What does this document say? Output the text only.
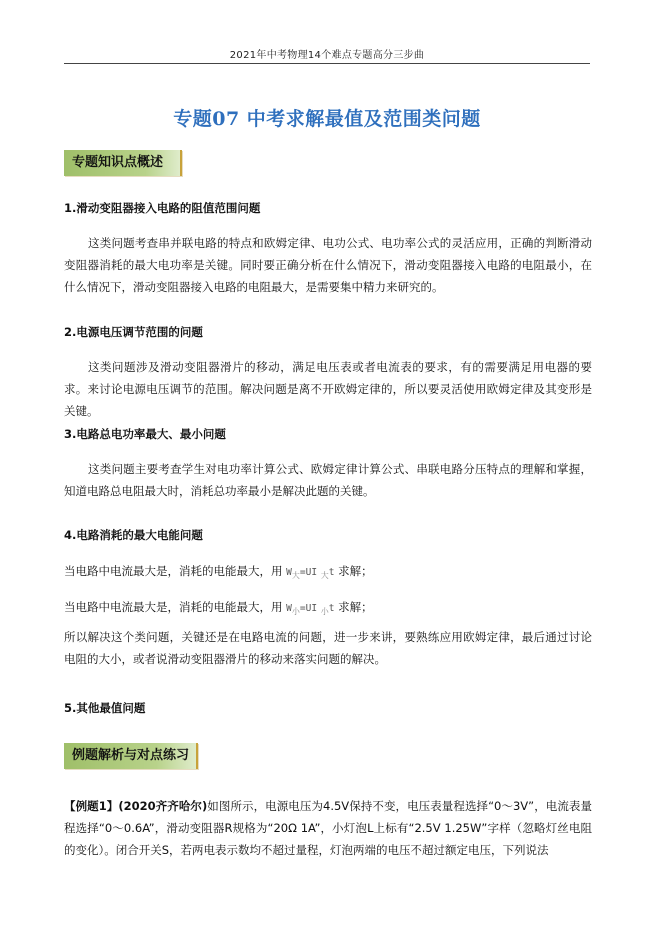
2021年中考物理14个难点专题高分三步曲
专题07 中考求解最值及范围类问题
专题知识点概述
1.滑动变阻器接入电路的阻值范围问题

这类问题考查串并联电路的特点和欧姆定律、电功公式、电功率公式的灵活应用，正确的判断滑动变阻器消耗的最大电功率是关键。同时要正确分析在什么情况下，滑动变阻器接入电路的电阻最小，在什么情况下，滑动变阻器接入电路的电阻最大，是需要集中精力来研究的。

2.电源电压调节范围的问题

这类问题涉及滑动变阻器滑片的移动，满足电压表或者电流表的要求，有的需要满足用电器的要求。来讨论电源电压调节的范围。解决问题是离不开欧姆定律的，所以要灵活使用欧姆定律及其变形是关键。

3.电路总电功率最大、最小问题

这类问题主要考查学生对电功率计算公式、欧姆定律计算公式、串联电路分压特点的理解和掌握，知道电路总电阻最大时，消耗总功率最小是解决此题的关键。

4.电路消耗的最大电能问题
当电路中电流最大是，消耗的电能最大，用 $W_大=UI$ $_大$t 求解；
当电路中电流最大是，消耗的电能最大，用 $W_小=UI$ $_小$t 求解；

所以解决这个类问题，关键还是在电路电流的问题，进一步来讲，要熟练应用欧姆定律，最后通过讨论电阻的大小，或者说滑动变阻器滑片的移动来落实问题的解决。

5.其他最值问题
例题解析与对点练习

【例题1】(2020齐齐哈尔)如图所示，电源电压为4.5V保持不变，电压表量程选择“0～3V”，电流表量程选择“0～0.6A”，滑动变阻器R规格为“20Ω 1A”，小灯泡L上标有“2.5V 1.25W”字样（忽略灯丝电阻的变化）。闭合开关S，若两电表示数均不超过量程，灯泡两端的电压不超过额定电压，下列说法
